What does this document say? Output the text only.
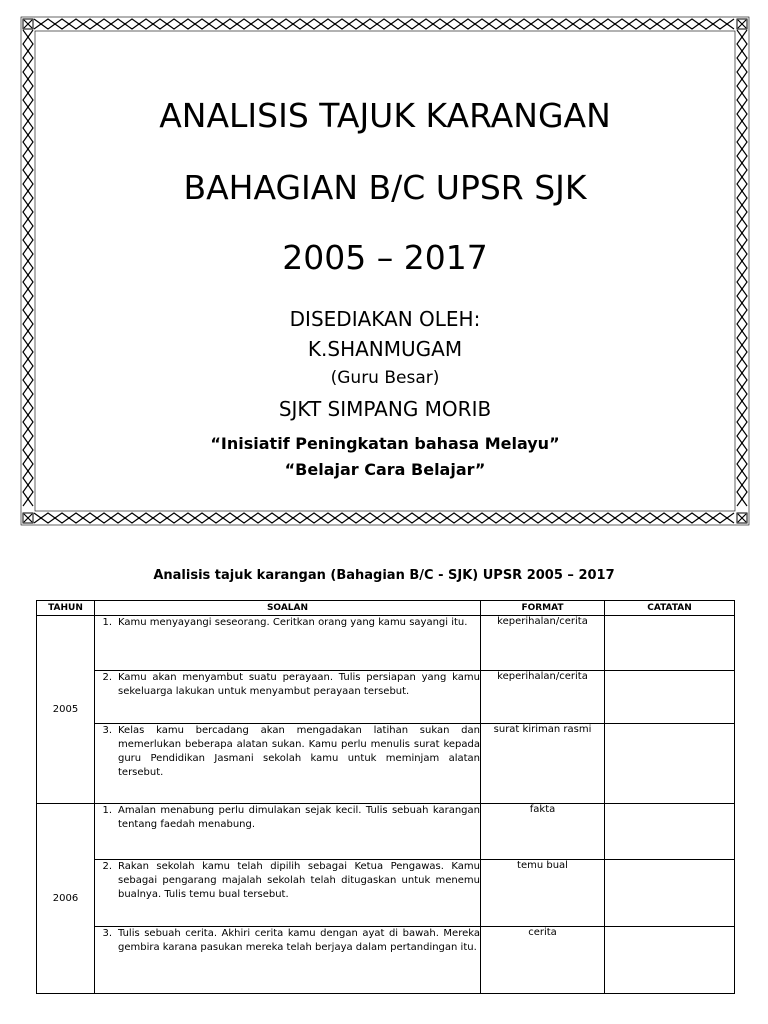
ANALISIS TAJUK KARANGAN
BAHAGIAN B/C UPSR SJK
2005 – 2017
DISEDIAKAN OLEH:
K.SHANMUGAM
(Guru Besar)
SJKT SIMPANG MORIB
“Inisiatif Peningkatan bahasa Melayu”
“Belajar Cara Belajar”
Analisis tajuk karangan (Bahagian B/C - SJK) UPSR 2005 – 2017
TAHUN	SOALAN	FORMAT	CATATAN
2005	1. Kamu menyayangi seseorang. Ceritkan orang yang kamu sayangi itu.	keperihalan/cerita	

	2. Kamu akan menyambut suatu perayaan. Tulis persiapan yang kamu sekeluarga lakukan untuk menyambut perayaan tersebut.	keperihalan/cerita	

	3. Kelas kamu bercadang akan mengadakan latihan sukan dan memerlukan beberapa alatan sukan. Kamu perlu menulis surat kepada guru Pendidikan Jasmani sekolah kamu untuk meminjam alatan tersebut.	surat kiriman rasmi	
2006	1. Amalan menabung perlu dimulakan sejak kecil. Tulis sebuah karangan tentang faedah menabung.	fakta	

	2. Rakan sekolah kamu telah dipilih sebagai Ketua Pengawas. Kamu sebagai pengarang majalah sekolah telah ditugaskan untuk menemu bualnya. Tulis temu bual tersebut.	temu bual	

	3. Tulis sebuah cerita. Akhiri cerita kamu dengan ayat di bawah. Mereka gembira karana pasukan mereka telah berjaya dalam pertandingan itu.	cerita	
